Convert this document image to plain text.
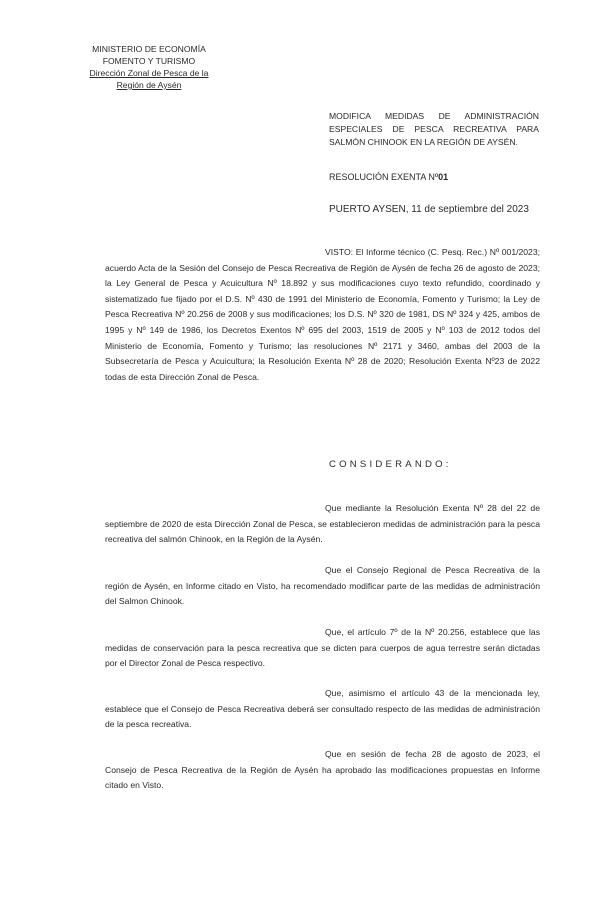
MINISTERIO DE ECONOMÍA
FOMENTO Y TURISMO
Dirección Zonal de Pesca de la
Región de Aysén
MODIFICA MEDIDAS DE ADMINISTRACIÓN ESPECIALES DE PESCA RECREATIVA PARA SALMÓN CHINOOK EN LA REGIÓN DE AYSÉN.
RESOLUCIÓN EXENTA Nº01
PUERTO AYSEN, 11 de septiembre del 2023
VISTO: El Informe técnico (C. Pesq. Rec.) Nº 001/2023; acuerdo Acta de la Sesión del Consejo de Pesca Recreativa de Región de Aysén de fecha 26 de agosto de 2023; la Ley General de Pesca y Acuicultura Nº 18.892 y sus modificaciones cuyo texto refundido, coordinado y sistematizado fue fijado por el D.S. Nº 430 de 1991 del Ministerio de Economía, Fomento y Turismo; la Ley de Pesca Recreativa Nº 20.256 de 2008 y sus modificaciones; los D.S. Nº 320 de 1981, DS Nº 324 y 425, ambos de 1995 y Nº 149 de 1986, los Decretos Exentos Nº 695 del 2003, 1519 de 2005 y Nº 103 de 2012 todos del Ministerio de Economía, Fomento y Turismo; las resoluciones Nº 2171 y 3460, ambas del 2003 de la Subsecretaría de Pesca y Acuicultura; la Resolución Exenta Nº 28 de 2020; Resolución Exenta Nº23 de 2022 todas de esta Dirección Zonal de Pesca.
CONSIDERANDO:
Que mediante la Resolución Exenta Nº 28 del 22 de septiembre de 2020 de esta Dirección Zonal de Pesca, se establecieron medidas de administración para la pesca recreativa del salmón Chinook, en la Región de la Aysén.
Que el Consejo Regional de Pesca Recreativa de la región de Aysén, en Informe citado en Visto, ha recomendado modificar parte de las medidas de administración del Salmon Chinook.
Que, el artículo 7º de la Nº 20.256, establece que las medidas de conservación para la pesca recreativa que se dicten para cuerpos de agua terrestre serán dictadas por el Director Zonal de Pesca respectivo.
Que, asimismo el artículo 43 de la mencionada ley, establece que el Consejo de Pesca Recreativa deberá ser consultado respecto de las medidas de administración de la pesca recreativa.
Que en sesión de fecha 28 de agosto de 2023, el Consejo de Pesca Recreativa de la Región de Aysén ha aprobado las modificaciones propuestas en Informe citado en Visto.
